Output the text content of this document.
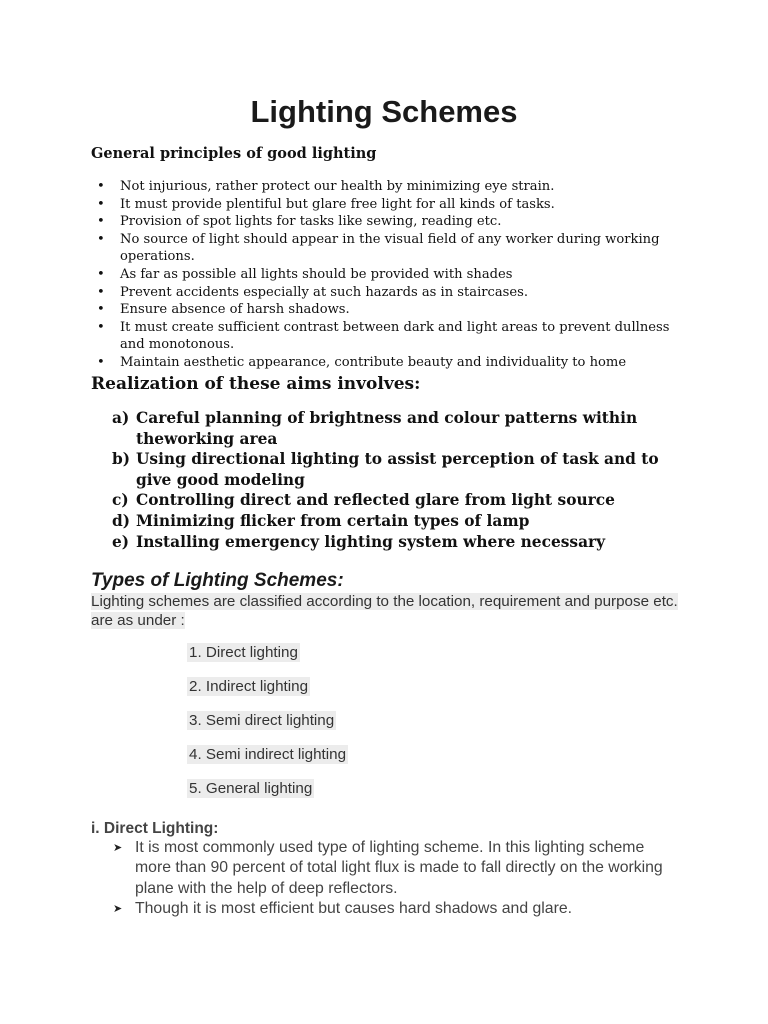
Lighting Schemes
General principles of good lighting
• Not injurious, rather protect our health by minimizing eye strain.
• It must provide plentiful but glare free light for all kinds of tasks.
• Provision of spot lights for tasks like sewing, reading etc.
• No source of light should appear in the visual field of any worker during working operations.
• As far as possible all lights should be provided with shades
• Prevent accidents especially at such hazards as in staircases.
• Ensure absence of harsh shadows.
• It must create sufficient contrast between dark and light areas to prevent dullness and monotonous.
• Maintain aesthetic appearance, contribute beauty and individuality to home
Realization of these aims involves:
a) Careful planning of brightness and colour patterns within theworking area
b) Using directional lighting to assist perception of task and to give good modeling
c) Controlling direct and reflected glare from light source
d) Minimizing flicker from certain types of lamp
e) Installing emergency lighting system where necessary
Types of Lighting Schemes:

Lighting schemes are classified according to the location, requirement and purpose etc. are as under :

1. Direct lighting
2. Indirect lighting
3. Semi direct lighting
4. Semi indirect lighting
5. General lighting
i. Direct Lighting:
➤ It is most commonly used type of lighting scheme. In this lighting scheme more than 90 percent of total light flux is made to fall directly on the working plane with the help of deep reflectors.
➤ Though it is most efficient but causes hard shadows and glare.
